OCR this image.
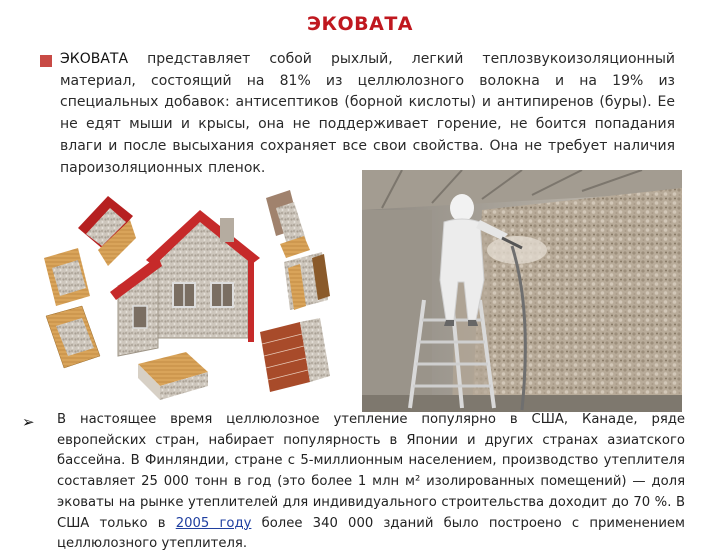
ЭКОВАТА

ЭКОВАТА представляет собой рыхлый, легкий теплозвукоизоляционный материал, состоящий на 81% из целлюлозного волокна и на 19% из специальных добавок: антисептиков (борной кислоты) и антипиренов (буры). Ее не едят мыши и крысы, она не поддерживает горение, не боится попадания влаги и после высыхания сохраняет все свои свойства. Она не требует наличия пароизоляционных пленок.

➢ В настоящее время целлюлозное утепление популярно в США, Канаде, ряде европейских стран, набирает популярность в Японии и других странах азиатского бассейна. В Финляндии, стране с 5-миллионным населением, производство утеплителя составляет 25 000 тонн в год (это более 1 млн м² изолированных помещений) — доля эковаты на рынке утеплителей для индивидуального строительства доходит до 70 %. В США только в 2005 году более 340 000 зданий было построено с применением целлюлозного утеплителя.
